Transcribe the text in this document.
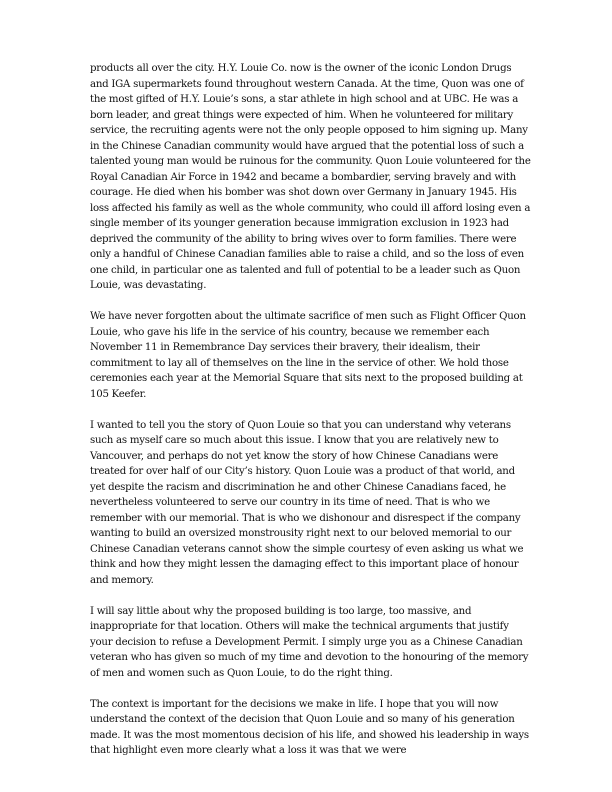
products all over the city. H.Y. Louie Co. now is the owner of the iconic London Drugs and IGA supermarkets found throughout western Canada. At the time, Quon was one of the most gifted of H.Y. Louie’s sons, a star athlete in high school and at UBC. He was a born leader, and great things were expected of him. When he volunteered for military service, the recruiting agents were not the only people opposed to him signing up. Many in the Chinese Canadian community would have argued that the potential loss of such a talented young man would be ruinous for the community. Quon Louie volunteered for the Royal Canadian Air Force in 1942 and became a bombardier, serving bravely and with courage. He died when his bomber was shot down over Germany in January 1945. His loss affected his family as well as the whole community, who could ill afford losing even a single member of its younger generation because immigration exclusion in 1923 had deprived the community of the ability to bring wives over to form families. There were only a handful of Chinese Canadian families able to raise a child, and so the loss of even one child, in particular one as talented and full of potential to be a leader such as Quon Louie, was devastating.

We have never forgotten about the ultimate sacrifice of men such as Flight Officer Quon Louie, who gave his life in the service of his country, because we remember each November 11 in Remembrance Day services their bravery, their idealism, their commitment to lay all of themselves on the line in the service of other. We hold those ceremonies each year at the Memorial Square that sits next to the proposed building at 105 Keefer.

I wanted to tell you the story of Quon Louie so that you can understand why veterans such as myself care so much about this issue. I know that you are relatively new to Vancouver, and perhaps do not yet know the story of how Chinese Canadians were treated for over half of our City’s history. Quon Louie was a product of that world, and yet despite the racism and discrimination he and other Chinese Canadians faced, he nevertheless volunteered to serve our country in its time of need. That is who we remember with our memorial. That is who we dishonour and disrespect if the company wanting to build an oversized monstrousity right next to our beloved memorial to our Chinese Canadian veterans cannot show the simple courtesy of even asking us what we think and how they might lessen the damaging effect to this important place of honour and memory.

I will say little about why the proposed building is too large, too massive, and inappropriate for that location. Others will make the technical arguments that justify your decision to refuse a Development Permit. I simply urge you as a Chinese Canadian veteran who has given so much of my time and devotion to the honouring of the memory of men and women such as Quon Louie, to do the right thing.

The context is important for the decisions we make in life. I hope that you will now understand the context of the decision that Quon Louie and so many of his generation made. It was the most momentous decision of his life, and showed his leadership in ways that highlight even more clearly what a loss it was that we were
